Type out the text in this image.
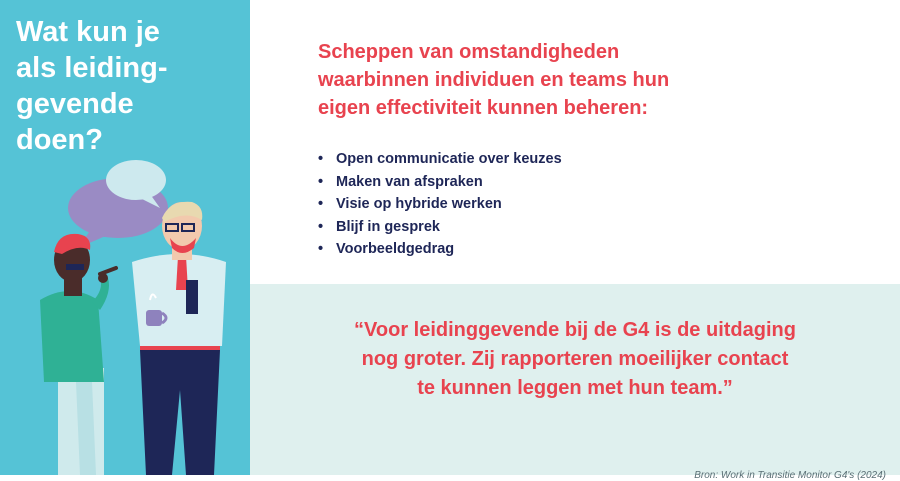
Wat kun je
als leiding-
gevende
doen?
Scheppen van omstandigheden
waarbinnen individuen en teams hun
eigen effectiviteit kunnen beheren:
• Open communicatie over keuzes
• Maken van afspraken
• Visie op hybride werken
• Blijf in gesprek
• Voorbeeldgedrag

“Voor leidinggevende bij de G4 is de uitdaging
nog groter. Zij rapporteren moeilijker contact
te kunnen leggen met hun team.”

Bron: Work in Transitie Monitor G4's (2024)
